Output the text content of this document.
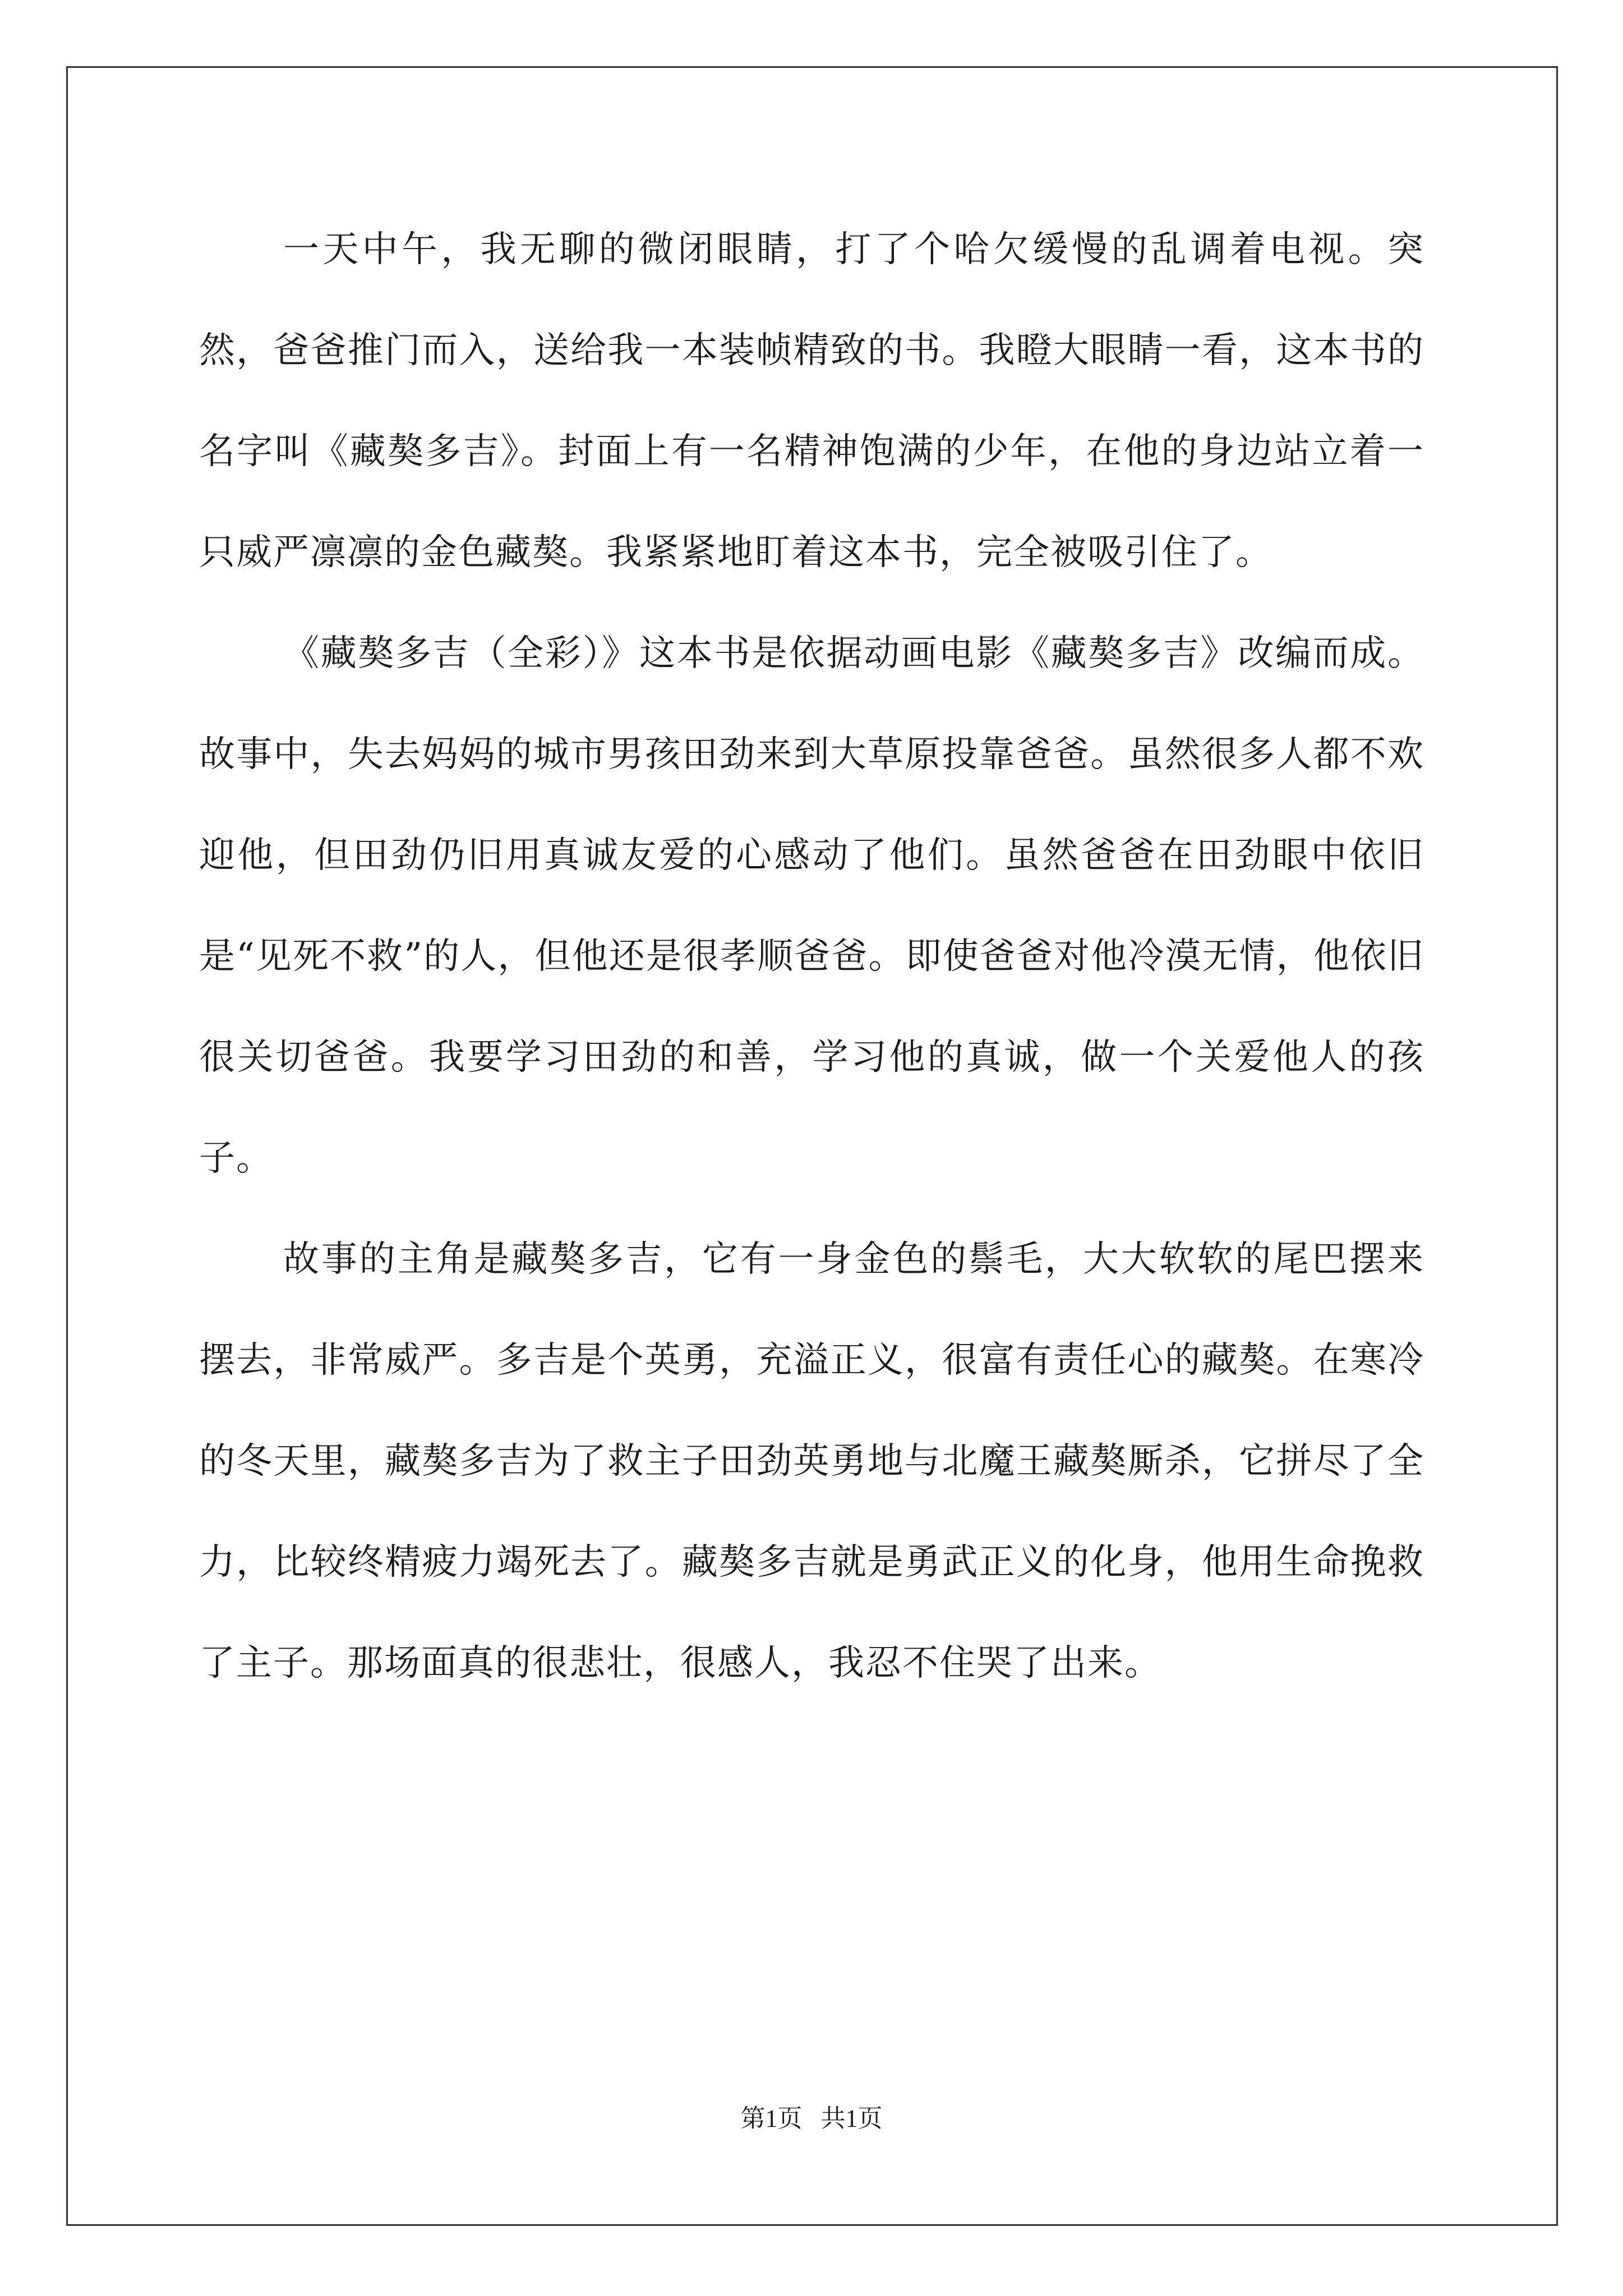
一天中午，我无聊的微闭眼睛，打了个哈欠缓慢的乱调着电视。突然，爸爸推门而入，送给我一本装帧精致的书。我瞪大眼睛一看，这本书的名字叫《藏獒多吉》。封面上有一名精神饱满的少年，在他的身边站立着一只威严凛凛的金色藏獒。我紧紧地盯着这本书，完全被吸引住了。

《藏獒多吉（全彩）》这本书是依据动画电影《藏獒多吉》改编而成。故事中，失去妈妈的城市男孩田劲来到大草原投靠爸爸。虽然很多人都不欢迎他，但田劲仍旧用真诚友爱的心感动了他们。虽然爸爸在田劲眼中依旧是“见死不救”的人，但他还是很孝顺爸爸。即使爸爸对他冷漠无情，他依旧很关切爸爸。我要学习田劲的和善，学习他的真诚，做一个关爱他人的孩子。

故事的主角是藏獒多吉，它有一身金色的鬃毛，大大软软的尾巴摆来摆去，非常威严。多吉是个英勇，充溢正义，很富有责任心的藏獒。在寒冷的冬天里，藏獒多吉为了救主子田劲英勇地与北魔王藏獒厮杀，它拼尽了全力，比较终精疲力竭死去了。藏獒多吉就是勇武正义的化身，他用生命挽救了主子。那场面真的很悲壮，很感人，我忍不住哭了出来。

第1页   共1页
